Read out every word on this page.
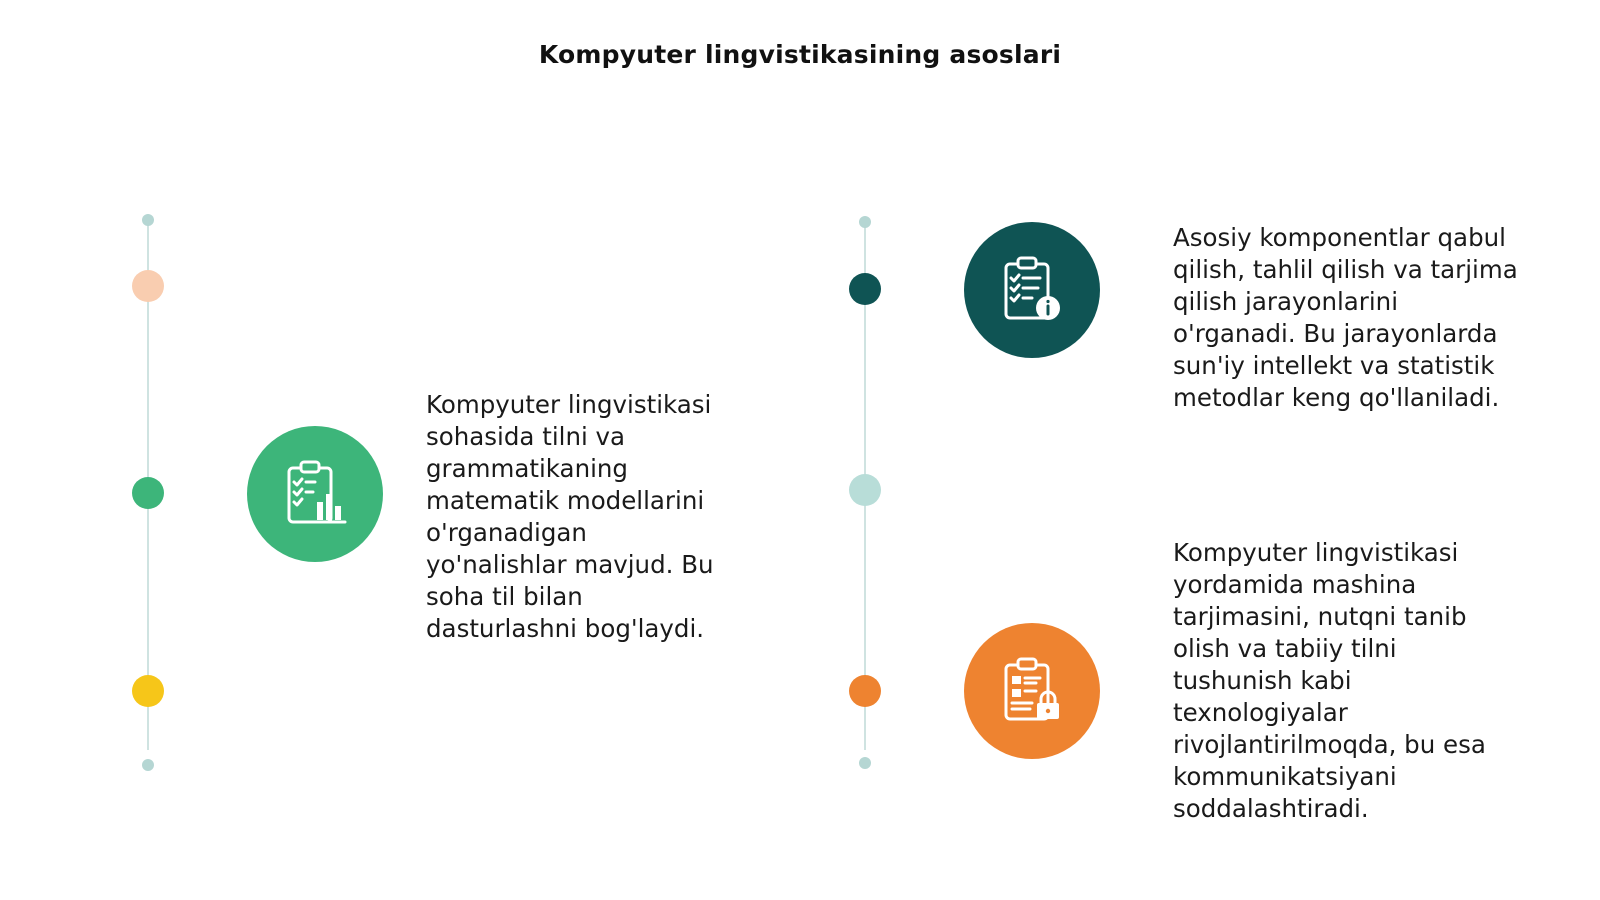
Kompyuter lingvistikasining asoslari
Kompyuter lingvistikasi
sohasida tilni va
grammatikaning
matematik modellarini
o'rganadigan
yo'nalishlar mavjud. Bu
soha til bilan
dasturlashni bog'laydi.
Asosiy komponentlar qabul
qilish, tahlil qilish va tarjima
qilish jarayonlarini
o'rganadi. Bu jarayonlarda
sun'iy intellekt va statistik
metodlar keng qo'llaniladi.
Kompyuter lingvistikasi
yordamida mashina
tarjimasini, nutqni tanib
olish va tabiiy tilni
tushunish kabi
texnologiyalar
rivojlantirilmoqda, bu esa
kommunikatsiyani
soddalashtiradi.
